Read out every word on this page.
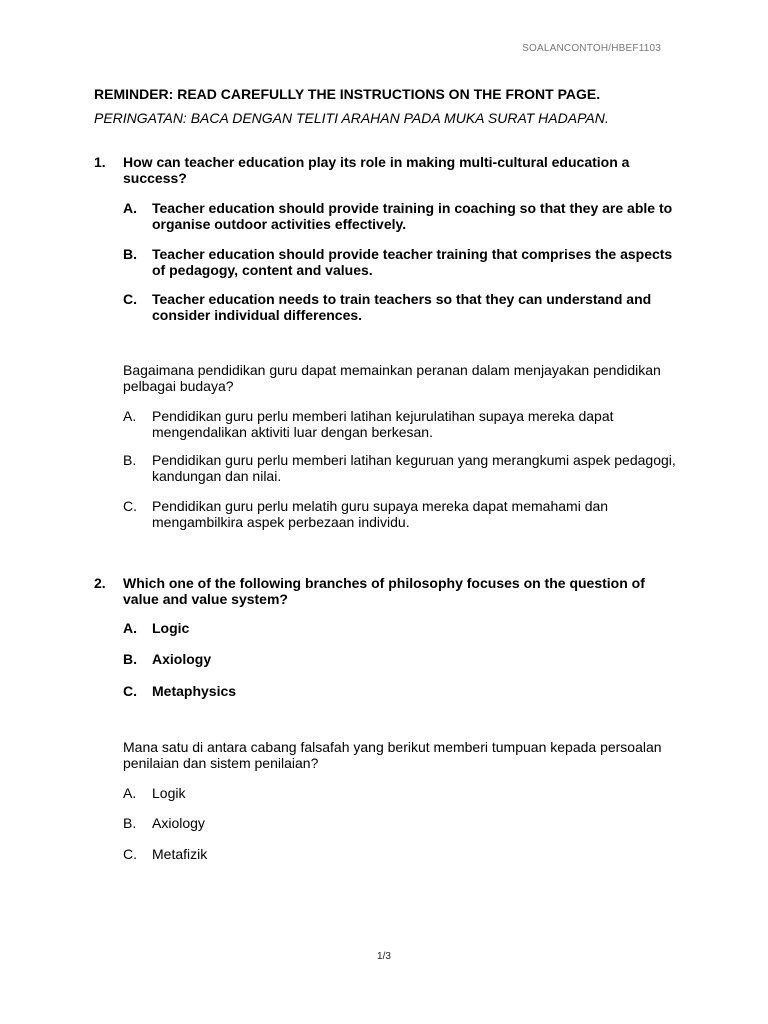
SOALANCONTOH/HBEF1103
REMINDER: READ CAREFULLY THE INSTRUCTIONS ON THE FRONT PAGE.
PERINGATAN: BACA DENGAN TELITI ARAHAN PADA MUKA SURAT HADAPAN.
1.	How can teacher education play its role in making multi-cultural education a success?
A.	Teacher education should provide training in coaching so that they are able to organise outdoor activities effectively.
B.	Teacher education should provide teacher training that comprises the aspects of pedagogy, content and values.
C.	Teacher education needs to train teachers so that they can understand and consider individual differences.
Bagaimana pendidikan guru dapat memainkan peranan dalam menjayakan pendidikan pelbagai budaya?
A.	Pendidikan guru perlu memberi latihan kejurulatihan supaya mereka dapat mengendalikan aktiviti luar dengan berkesan.
B.	Pendidikan guru perlu memberi latihan keguruan yang merangkumi aspek pedagogi, kandungan dan nilai.
C.	Pendidikan guru perlu melatih guru supaya mereka dapat memahami dan mengambilkira aspek perbezaan individu.
2.	Which one of the following branches of philosophy focuses on the question of value and value system?
A.	Logic
B.	Axiology
C.	Metaphysics
Mana satu di antara cabang falsafah yang berikut memberi tumpuan kepada persoalan penilaian dan sistem penilaian?
A.	Logik
B.	Axiology
C.	Metafizik
1/3
